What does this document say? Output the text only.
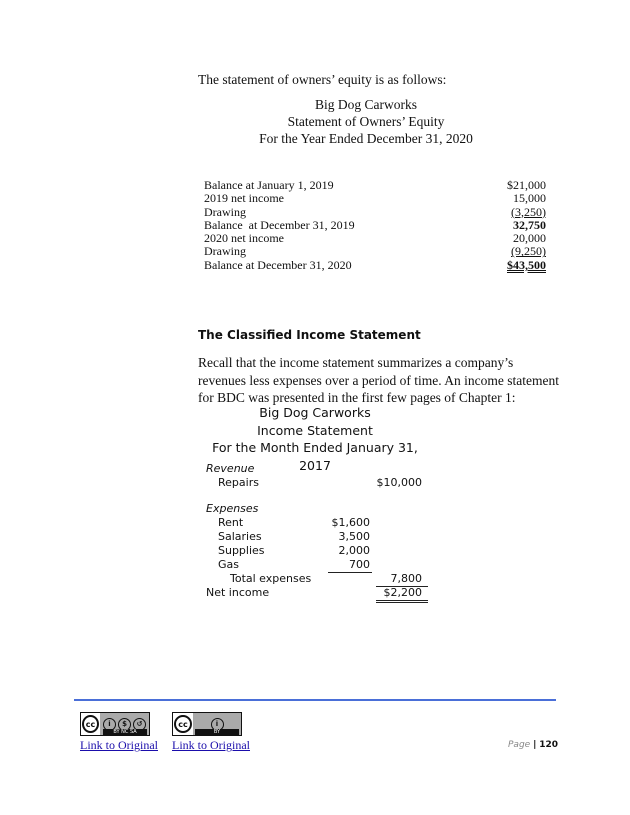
The statement of owners’ equity is as follows:
Big Dog Carworks
Statement of Owners’ Equity
For the Year Ended December 31, 2020
Balance at January 1, 2019	$21,000
2019 net income	15,000
Drawing	(3,250)
Balance  at December 31, 2019	32,750
2020 net income	20,000
Drawing	(9,250)
Balance at December 31, 2020	$43,500
The Classified Income Statement
Recall that the income statement summarizes a company’s revenues less expenses over a period of time. An income statement for BDC was presented in the first few pages of Chapter 1:
Big Dog Carworks
Income Statement
For the Month Ended January 31, 2017
Revenue
Repairs	$10,000
Expenses
Rent	$1,600
Salaries	3,500
Supplies	2,000
Gas	700
Total expenses	7,800
Net income	$2,200
cc	i	$	↺
BY NC SA
cc	i
BY
Link to Original Link to Original	Page | 120
